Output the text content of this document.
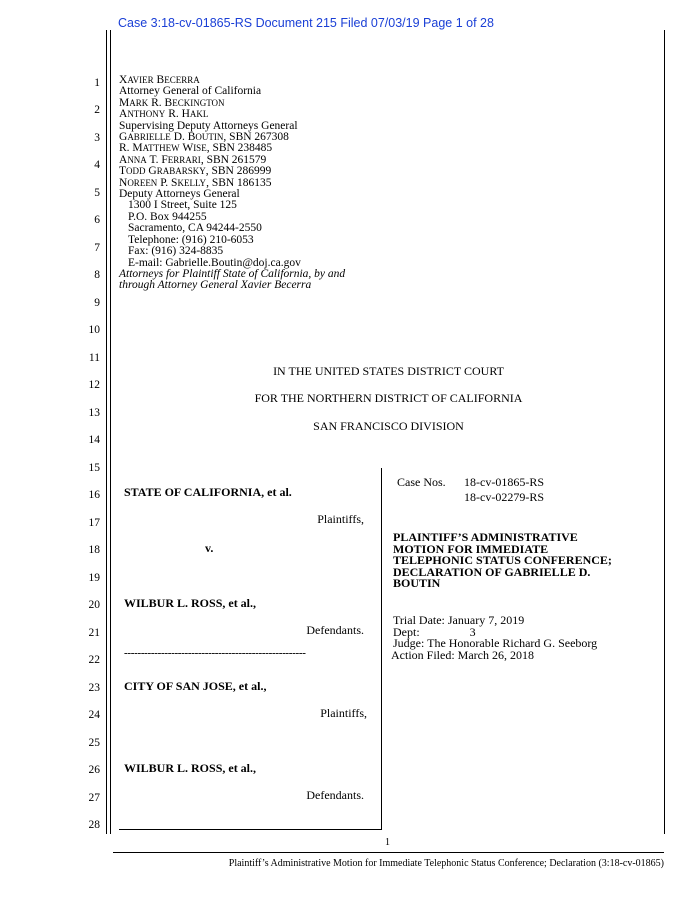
Case 3:18-cv-01865-RS Document 215 Filed 07/03/19 Page 1 of 28
1
2
3
4
5
6
7
8
9
10
11
12
13
14
15
16
17
18
19
20
21
22
23
24
25
26
27
28
XAVIER BECERRA
Attorney General of California
MARK R. BECKINGTON
ANTHONY R. HAKL
Supervising Deputy Attorneys General
GABRIELLE D. BOUTIN, SBN 267308
R. MATTHEW WISE, SBN 238485
ANNA T. FERRARI, SBN 261579
TODD GRABARSKY, SBN 286999
NOREEN P. SKELLY, SBN 186135
Deputy Attorneys General
1300 I Street, Suite 125
P.O. Box 944255
Sacramento, CA 94244-2550
Telephone: (916) 210-6053
Fax: (916) 324-8835
E-mail: Gabrielle.Boutin@doj.ca.gov
Attorneys for Plaintiff State of California, by and
through Attorney General Xavier Becerra
IN THE UNITED STATES DISTRICT COURT
FOR THE NORTHERN DISTRICT OF CALIFORNIA
SAN FRANCISCO DIVISION
STATE OF CALIFORNIA, et al.
Plaintiffs,
v.
WILBUR L. ROSS, et al.,
Defendants.
------------------------------------------------------
CITY OF SAN JOSE, et al.,
Plaintiffs,
WILBUR L. ROSS, et al.,
Defendants.
Case Nos. 18-cv-01865-RS
18-cv-02279-RS
PLAINTIFF’S ADMINISTRATIVE
MOTION FOR IMMEDIATE
TELEPHONIC STATUS CONFERENCE;
DECLARATION OF GABRIELLE D.
BOUTIN
Trial Date: January 7, 2019
Dept:	3
Judge: The Honorable Richard G. Seeborg
Action Filed: March 26, 2018
1
Plaintiff’s Administrative Motion for Immediate Telephonic Status Conference; Declaration (3:18-cv-01865)
